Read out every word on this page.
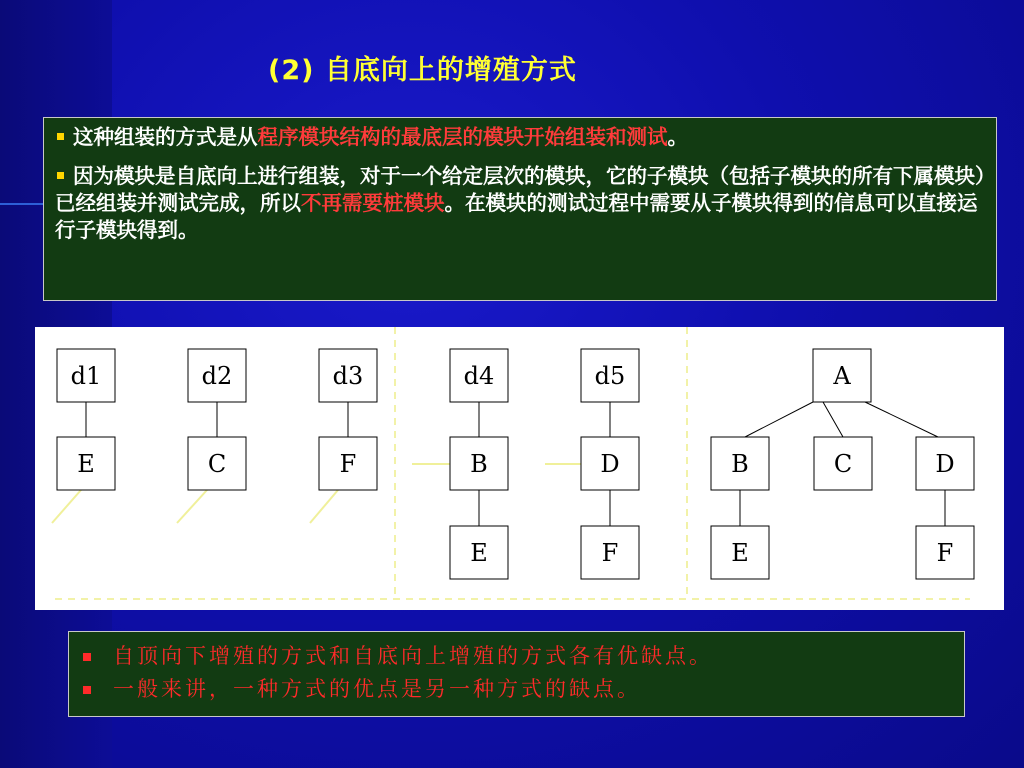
(2) 自底向上的增殖方式

这种组装的方式是从程序模块结构的最底层的模块开始组装和测试。

因为模块是自底向上进行组装，对于一个给定层次的模块，它的子模块（包括子模块的所有下属模块）已经组装并测试完成，所以不再需要桩模块。在模块的测试过程中需要从子模块得到的信息可以直接运行子模块得到。

d1	d2	d3	d4	d5
E	C	F	B	D
E	F
A
B	C	D
E	F
自顶向下增殖的方式和自底向上增殖的方式各有优缺点。
一般来讲，一种方式的优点是另一种方式的缺点。
